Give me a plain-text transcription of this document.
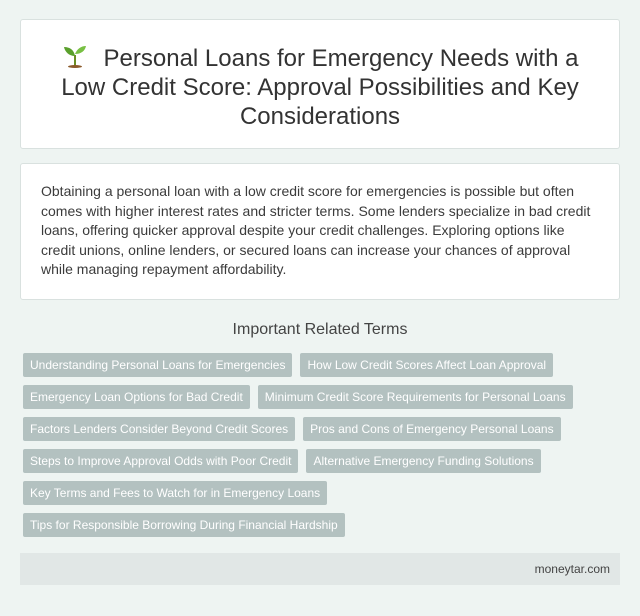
Personal Loans for Emergency Needs with a Low Credit Score: Approval Possibilities and Key Considerations

Obtaining a personal loan with a low credit score for emergencies is possible but often comes with higher interest rates and stricter terms. Some lenders specialize in bad credit loans, offering quicker approval despite your credit challenges. Exploring options like credit unions, online lenders, or secured loans can increase your chances of approval while managing repayment affordability.

Important Related Terms
Understanding Personal Loans for Emergencies	How Low Credit Scores Affect Loan Approval
Emergency Loan Options for Bad Credit	Minimum Credit Score Requirements for Personal Loans
Factors Lenders Consider Beyond Credit Scores	Pros and Cons of Emergency Personal Loans
Steps to Improve Approval Odds with Poor Credit	Alternative Emergency Funding Solutions
Key Terms and Fees to Watch for in Emergency Loans
Tips for Responsible Borrowing During Financial Hardship
moneytar.com
